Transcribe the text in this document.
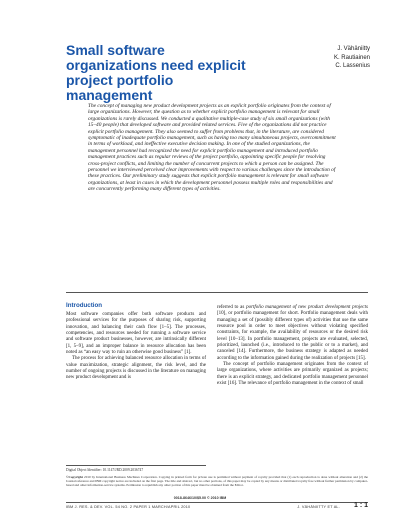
Small software organizations need explicit project portfolio management
J. Vähäniitty
K. Rautiainen
C. Lassenius

The concept of managing new product development projects as an explicit portfolio originates from the context of large organizations. However, the question as to whether explicit portfolio management is relevant for small organizations is rarely discussed. We conducted a qualitative multiple-case study of six small organizations (with 15–40 people) that developed software and provided related services. Five of the organizations did not practice explicit portfolio management. They also seemed to suffer from problems that, in the literature, are considered symptomatic of inadequate portfolio management, such as having too many simultaneous projects, overcommitment in terms of workload, and ineffective executive decision making. In one of the studied organizations, the management personnel had recognized the need for explicit portfolio management and introduced portfolio management practices such as regular reviews of the project portfolio, appointing specific people for resolving cross-project conflicts, and limiting the number of concurrent projects to which a person can be assigned. The personnel we interviewed perceived clear improvements with respect to various challenges since the introduction of these practices. Our preliminary study suggests that explicit portfolio management is relevant for small software organizations, at least in cases in which the development personnel possess multiple roles and responsibilities and are concurrently performing many different types of activities.

Introduction

Most software companies offer both software products and professional services for the purposes of sharing risk, supporting innovation, and balancing their cash flow [1–5]. The processes, competencies, and resources needed for running a software service and software product businesses, however, are intrinsically different [1, 5–9], and an improper balance in resource allocation has been noted as “an easy way to ruin an otherwise good business” [1].

The process for achieving balanced resource allocation in terms of value maximization, strategic alignment, the risk level, and the number of ongoing projects is discussed in the literature on managing new product development and is

referred to as portfolio management of new product development projects [10], or portfolio management for short. Portfolio management deals with managing a set of (possibly different types of) activities that use the same resource pool in order to meet objectives without violating specified constraints, for example, the availability of resources or the desired risk level [10–13]. In portfolio management, projects are evaluated, selected, prioritized, launched (i.e., introduced to the public or to a market), and canceled [14]. Furthermore, the business strategy is adapted as needed according to the information gained during the realization of projects [15].

The concept of portfolio management originates from the context of large organizations, where activities are primarily organized as projects; there is an explicit strategy, and dedicated portfolio management personnel exist [16]. The relevance of portfolio management in the context of small

Digital Object Identifier: 10.1147/JRD.2009.2036747
©Copyright 2010 by International Business Machines Corporation. Copying in printed form for private use is permitted without payment of royalty provided that (1) each reproduction is done without alteration and (2) the Journal reference and IBM copyright notice are included on the first page. The title and abstract, but no other portions, of this paper may be copied by any means or distributed royalty free without further permission by computer-based and other information-service systems. Permission to republish any other portion of this paper must be obtained from the Editor.
0018-8646/10/$5.00 © 2010 IBM
IBM J. RES. & DEV. VOL. 54 NO. 2 PAPER 1 MARCH/APRIL 2010	J. VÄHÄNIITTY ET AL. 1 : 1
